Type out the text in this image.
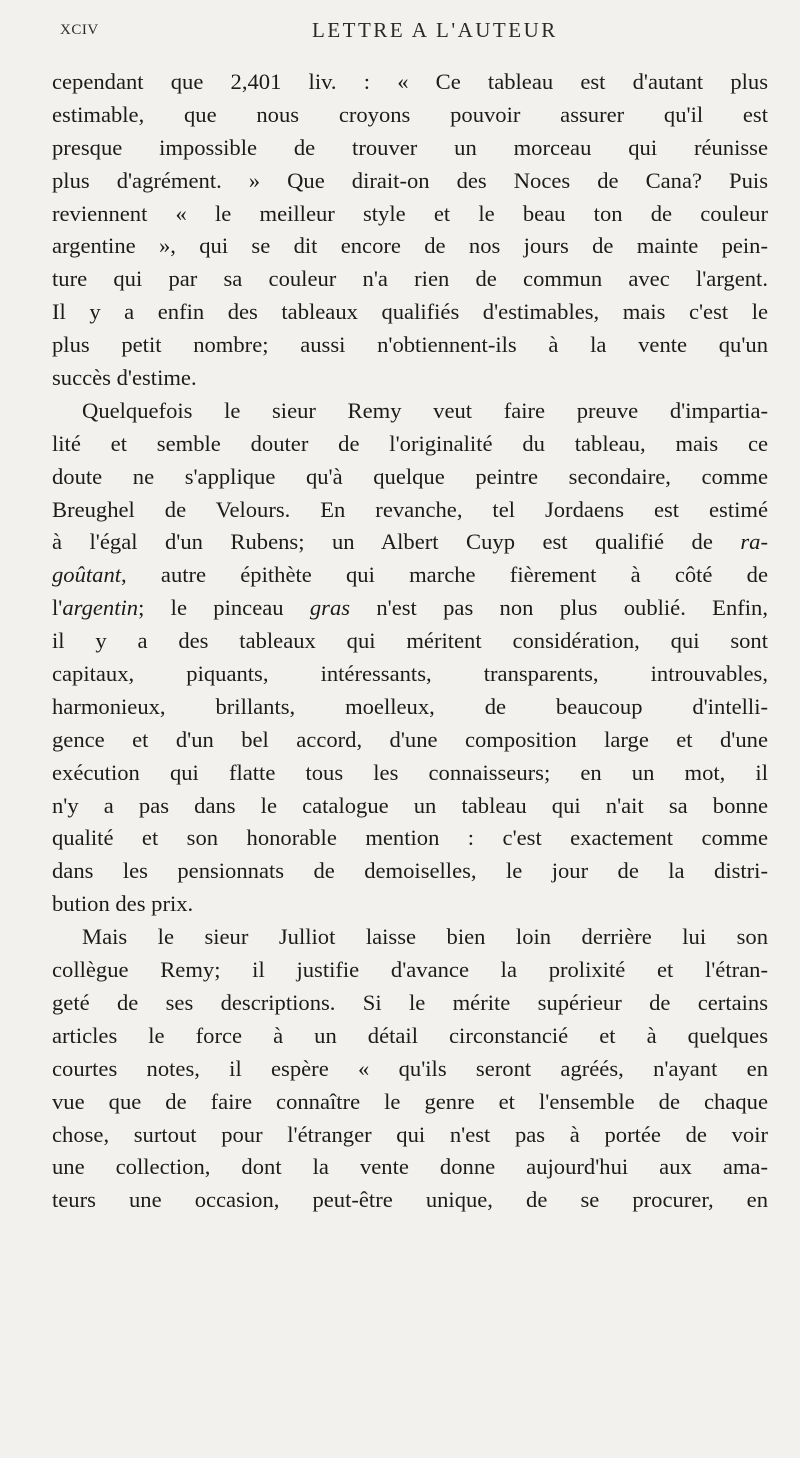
XCIV	LETTRE A L'AUTEUR
cependant que 2,401 liv. : « Ce tableau est d'autant plus
estimable, que nous croyons pouvoir assurer qu'il est
presque impossible de trouver un morceau qui réunisse
plus d'agrément. » Que dirait-on des Noces de Cana? Puis
reviennent « le meilleur style et le beau ton de couleur
argentine », qui se dit encore de nos jours de mainte pein-
ture qui par sa couleur n'a rien de commun avec l'argent.
Il y a enfin des tableaux qualifiés d'estimables, mais c'est le
plus petit nombre; aussi n'obtiennent-ils à la vente qu'un
succès d'estime.
Quelquefois le sieur Remy veut faire preuve d'impartia-
lité et semble douter de l'originalité du tableau, mais ce
doute ne s'applique qu'à quelque peintre secondaire, comme
Breughel de Velours. En revanche, tel Jordaens est estimé
à l'égal d'un Rubens; un Albert Cuyp est qualifié de ra-
goûtant, autre épithète qui marche fièrement à côté de
l'argentin; le pinceau gras n'est pas non plus oublié. Enfin,
il y a des tableaux qui méritent considération, qui sont
capitaux, piquants, intéressants, transparents, introuvables,
harmonieux, brillants, moelleux, de beaucoup d'intelli-
gence et d'un bel accord, d'une composition large et d'une
exécution qui flatte tous les connaisseurs; en un mot, il
n'y a pas dans le catalogue un tableau qui n'ait sa bonne
qualité et son honorable mention : c'est exactement comme
dans les pensionnats de demoiselles, le jour de la distri-
bution des prix.
Mais le sieur Julliot laisse bien loin derrière lui son
collègue Remy; il justifie d'avance la prolixité et l'étran-
geté de ses descriptions. Si le mérite supérieur de certains
articles le force à un détail circonstancié et à quelques
courtes notes, il espère « qu'ils seront agréés, n'ayant en
vue que de faire connaître le genre et l'ensemble de chaque
chose, surtout pour l'étranger qui n'est pas à portée de voir
une collection, dont la vente donne aujourd'hui aux ama-
teurs une occasion, peut-être unique, de se procurer, en
